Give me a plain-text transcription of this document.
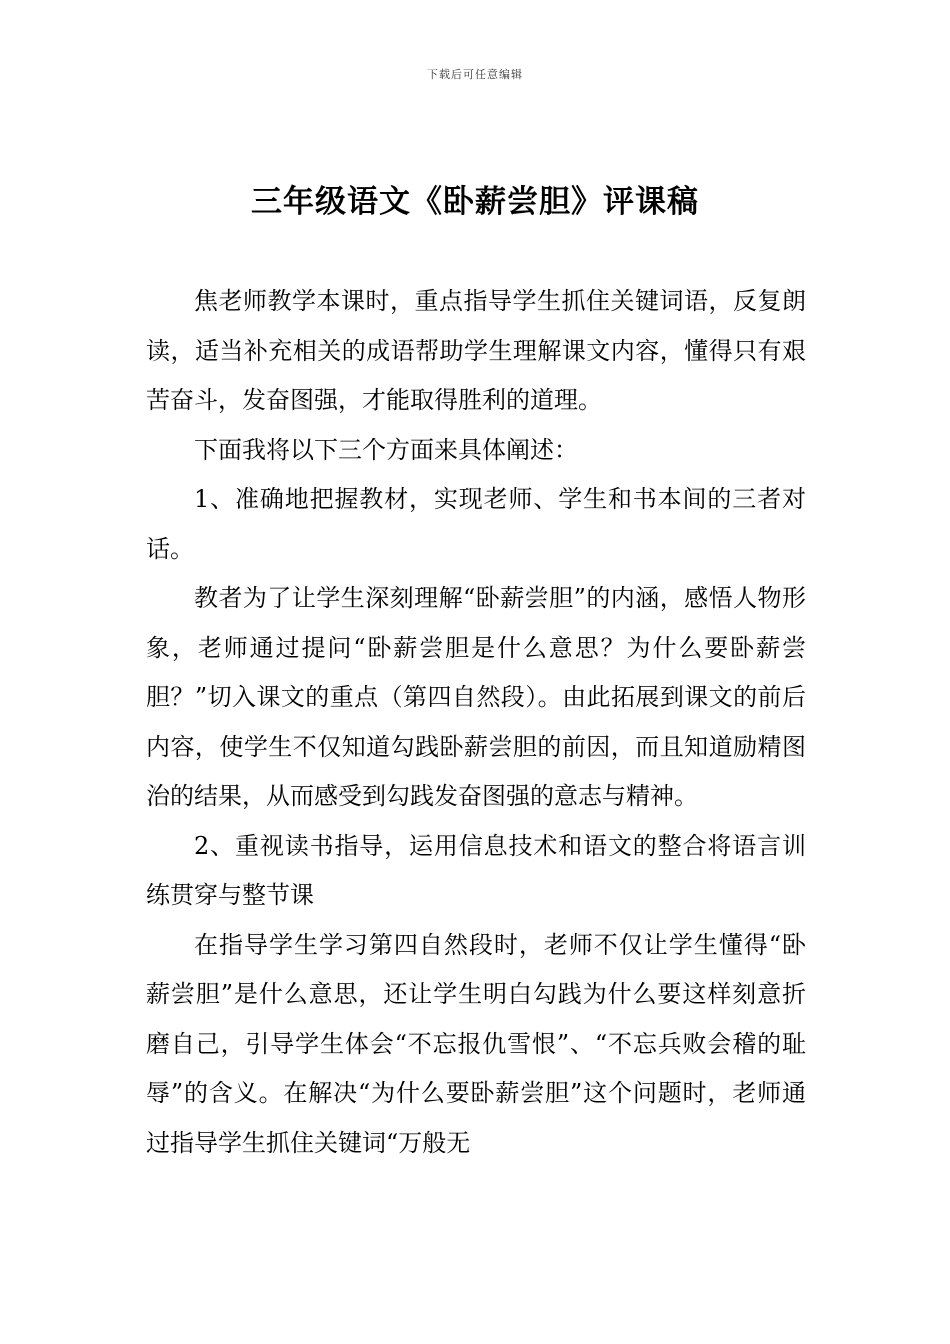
下载后可任意编辑
三年级语文《卧薪尝胆》评课稿

焦老师教学本课时，重点指导学生抓住关键词语，反复朗读，适当补充相关的成语帮助学生理解课文内容，懂得只有艰苦奋斗，发奋图强，才能取得胜利的道理。

下面我将以下三个方面来具体阐述：

1、准确地把握教材，实现老师、学生和书本间的三者对话。

教者为了让学生深刻理解“卧薪尝胆”的内涵，感悟人物形象，老师通过提问“卧薪尝胆是什么意思？为什么要卧薪尝胆？”切入课文的重点（第四自然段）。由此拓展到课文的前后内容，使学生不仅知道勾践卧薪尝胆的前因，而且知道励精图治的结果，从而感受到勾践发奋图强的意志与精神。

2、重视读书指导，运用信息技术和语文的整合将语言训练贯穿与整节课

在指导学生学习第四自然段时，老师不仅让学生懂得“卧薪尝胆”是什么意思，还让学生明白勾践为什么要这样刻意折磨自己，引导学生体会“不忘报仇雪恨”、“不忘兵败会稽的耻辱”的含义。在解决“为什么要卧薪尝胆”这个问题时，老师通过指导学生抓住关键词“万般无
